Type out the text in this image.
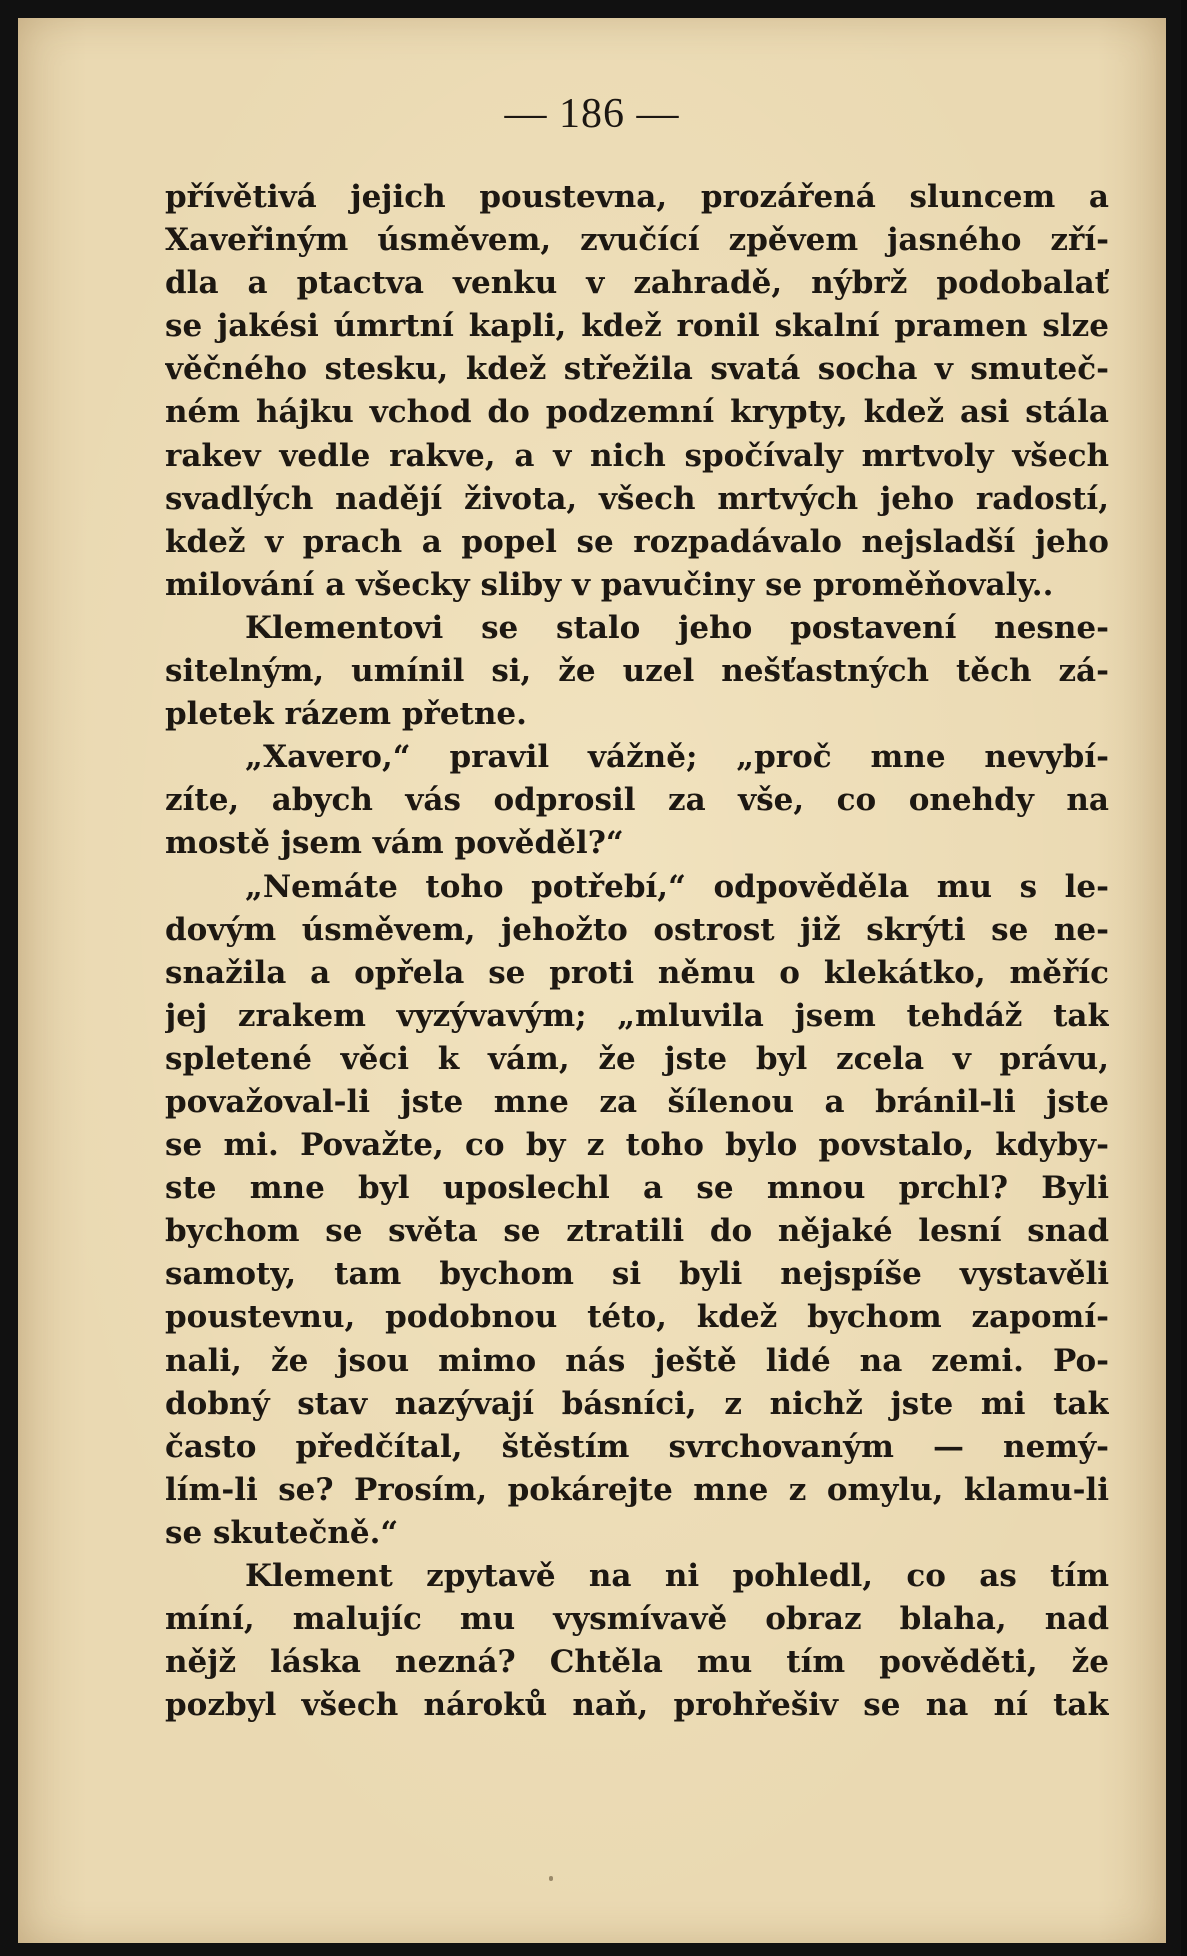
— 186 —
přívětivá jejich poustevna, prozářená sluncem a
Xaveřiným úsměvem, zvučící zpěvem jasného zří-
dla a ptactva venku v zahradě, nýbrž podobalať
se jakési úmrtní kapli, kdež ronil skalní pramen slze
věčného stesku, kdež střežila svatá socha v smuteč-
ném hájku vchod do podzemní krypty, kdež asi stála
rakev vedle rakve, a v nich spočívaly mrtvoly všech
svadlých nadějí života, všech mrtvých jeho radostí,
kdež v prach a popel se rozpadávalo nejsladší jeho
milování a všecky sliby v pavučiny se proměňovaly..
Klementovi se stalo jeho postavení nesne-
sitelným, umínil si, že uzel nešťastných těch zá-
pletek rázem přetne.
„Xavero,“ pravil vážně; „proč mne nevybí-
zíte, abych vás odprosil za vše, co onehdy na
mostě jsem vám pověděl?“
„Nemáte toho potřebí,“ odpověděla mu s le-
dovým úsměvem, jehožto ostrost již skrýti se ne-
snažila a opřela se proti němu o klekátko, měříc
jej zrakem vyzývavým; „mluvila jsem tehdáž tak
spletené věci k vám, že jste byl zcela v právu,
považoval-li jste mne za šílenou a bránil-li jste
se mi. Považte, co by z toho bylo povstalo, kdyby-
ste mne byl uposlechl a se mnou prchl? Byli
bychom se světa se ztratili do nějaké lesní snad
samoty, tam bychom si byli nejspíše vystavěli
poustevnu, podobnou této, kdež bychom zapomí-
nali, že jsou mimo nás ještě lidé na zemi. Po-
dobný stav nazývají básníci, z nichž jste mi tak
často předčítal, štěstím svrchovaným — nemý-
lím-li se? Prosím, pokárejte mne z omylu, klamu-li
se skutečně.“
Klement zpytavě na ni pohledl, co as tím
míní, malujíc mu vysmívavě obraz blaha, nad
nějž láska nezná? Chtěla mu tím pověděti, že
pozbyl všech nároků naň, prohřešiv se na ní tak
